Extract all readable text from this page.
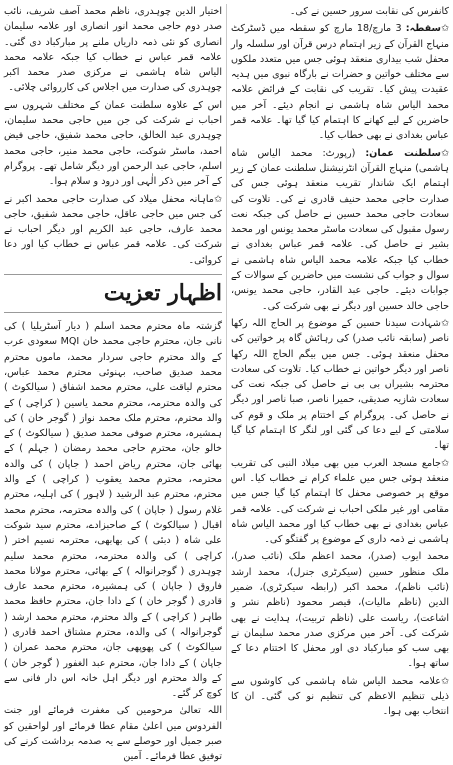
کانفرس کی نقابت سرور حسین نے کی۔

✩سقطہ: 3 مارچ/18 مارچ کو سقطہ میں ڈسٹرکٹ منہاج القرآن کے زیر اہتمام درس قرآن اور سلسلہ وار محفل شب بیداری منعقد ہوئی جس میں متعدد ملکوں سے مختلف خواتین و حضرات نے بارگاہ نبوی میں ہدیہ عقیدت پیش کیا۔ تقریب کی نقابت کے فرائض علامہ محمد الیاس شاہ ہاشمی نے انجام دیئے۔ آخر میں حاضرین کے لیے کھانے کا اہتمام کیا گیا تھا۔ علامہ قمر عباس بغدادی نے بھی خطاب کیا۔

✩سلطنت عمان: (رپورٹ: محمد الیاس شاہ ہاشمی) منہاج القرآن انٹرنیشنل سلطنت عمان کے زیر اہتمام ایک شاندار تقریب منعقد ہوئی جس کی صدارت حاجی محمد حنیف قادری نے کی۔ تلاوت کی سعادت حاجی محمد حسین نے حاصل کی جبکہ نعت رسول مقبول کی سعادت ماسٹر محمد یونس اور محمد بشیر نے حاصل کی۔ علامہ قمر عباس بغدادی نے خطاب کیا جبکہ علامہ محمد الیاس شاہ ہاشمی نے سوال و جواب کی نشست میں حاضرین کے سوالات کے جوابات دیئے۔ حاجی عبد القادر، حاجی محمد یونس، حاجی خالد حسین اور دیگر نے بھی شرکت کی۔

✩شہادت سیدنا حسین کے موضوع پر الحاج اللہ رکھا ناصر (سابقہ نائب صدر) کی رہائش گاہ پر خواتین کی محفل منعقد ہوئی۔ جس میں بیگم الحاج اللہ رکھا ناصر اور دیگر خواتین نے خطاب کیا۔ تلاوت کی سعادت محترمہ بشیراں بی بی نے حاصل کی جبکہ نعت کی سعادت شازیہ صدیقی، حمیرا ناصر، صبا ناصر اور دیگر نے حاصل کی۔ پروگرام کے اختتام پر ملک و قوم کی سلامتی کے لیے دعا کی گئی اور لنگر کا اہتمام کیا گیا تھا۔

✩جامع مسجد العرب میں بھی میلاد النبی کی تقریب منعقد ہوئی جس میں علماء کرام نے خطاب کیا۔ اس موقع پر خصوصی محفل کا اہتمام کیا گیا جس میں مقامی اور غیر ملکی احباب نے شرکت کی۔ علامہ قمر عباس بغدادی نے بھی خطاب کیا اور محمد الیاس شاہ ہاشمی نے ذمہ داری کے موضوع پر گفتگو کی۔

محمد ایوب (صدر)، محمد اعظم ملک (نائب صدر)، ملک منظور حسین (سیکرٹری جنرل)، محمد ارشد (نائب ناظم)، محمد اکبر (رابطہ سیکرٹری)، ضمیر الدین (ناظم مالیات)، قیصر محمود (ناظم نشر و اشاعت)، ریاست علی (ناظم تربیت)، ہدایت نے بھی شرکت کی۔ آخر میں مرکزی صدر محمد سلیمان نے بھی سب کو مبارکباد دی اور محفل کا اختتام دعا کے ساتھ ہوا۔

✩علامہ محمد الیاس شاہ ہاشمی کی کاوشوں سے ذیلی تنظیم الاعظم کی تنظیم نو کی گئی۔ ان کا انتخاب بھی ہوا۔

اختیار الدین چوہدری، ناظم محمد آصف شریف، نائب صدر دوم حاجی محمد انور انصاری اور علامہ سلیمان انصاری کو نئی ذمہ داریاں ملنے پر مبارکباد دی گئی۔ علامہ قمر عباس نے خطاب کیا جبکہ علامہ محمد الیاس شاہ ہاشمی نے مرکزی صدر محمد اکبر چوہدری کی صدارت میں اجلاس کی کارروائی چلائی۔

اس کے علاوہ سلطنت عمان کے مختلف شہروں سے احباب نے شرکت کی جن میں حاجی محمد سلیمان، چوہدری عبد الخالق، حاجی محمد شفیق، حاجی فیض احمد، ماسٹر شوکت، حاجی محمد منیر، حاجی محمد اسلم، حاجی عبد الرحمن اور دیگر شامل تھے۔ پروگرام کے آخر میں ذکر الٰہی اور درود و سلام ہوا۔

✩ماہانہ محفل میلاد کی صدارت حاجی محمد اکبر نے کی جس میں حاجی عاقل، حاجی محمد شفیق، حاجی محمد عارف، حاجی عبد الکریم اور دیگر احباب نے شرکت کی۔ علامہ قمر عباس نے خطاب کیا اور دعا کروائی۔

اظہار تعزیت

گزشتہ ماہ محترم محمد اسلم ( دیار آسٹریلیا ) کی نانی جان، محترم حاجی محمد خان MQI سعودی عرب کے والد محترم حاجی سردار محمد، ماموں محترم محمد صدیق صاحب، بہنوئی محترم محمد عباس، محترم لیاقت علی، محترم محمد اشفاق ( سیالکوٹ ) کی والدہ محترمہ، محترم محمد یاسین ( کراچی ) کے والد محترم، محترم ملک محمد نواز ( گوجر خان ) کی ہمشیرہ، محترم صوفی محمد صدیق ( سیالکوٹ ) کے خالو جان، محترم حاجی محمد رمضان ( جہلم ) کے بھائی جان، محترم ریاض احمد ( جاپان ) کی والدہ محترمہ، محترم محمد یعقوب ( کراچی ) کے والد محترم، محترم عبد الرشید ( لاہور ) کی اہلیہ، محترم غلام رسول ( جاپان ) کی والدہ محترمہ، محترم محمد اقبال ( سیالکوٹ ) کے صاحبزادے، محترم سید شوکت علی شاہ ( دبئی ) کی بھابھی، محترمہ نسیم اختر ( کراچی ) کی والدہ محترمہ، محترم محمد سلیم چوہدری ( گوجرانوالہ ) کے بھائی، محترم مولانا محمد فاروق ( جاپان ) کی ہمشیرہ، محترم محمد عارف قادری ( گوجر خان ) کے دادا جان، محترم حافظ محمد طاہر ( کراچی ) کے والد محترم، محترم محمد ارشد ( گوجرانوالہ ) کی والدہ، محترم مشتاق احمد قادری ( سیالکوٹ ) کی پھوپھی جان، محترم محمد عمران ( جاپان ) کے دادا جان، محترم عبد الغفور ( گوجر خان ) کے والد محترم اور دیگر اہل خانہ اس دار فانی سے کوچ کر گئے۔

اللہ تعالیٰ مرحومین کی مغفرت فرمائے اور جنت الفردوس میں اعلیٰ مقام عطا فرمائے اور لواحقین کو صبر جمیل اور حوصلے سے یہ صدمہ برداشت کرنے کی توفیق عطا فرمائے۔ آمین
